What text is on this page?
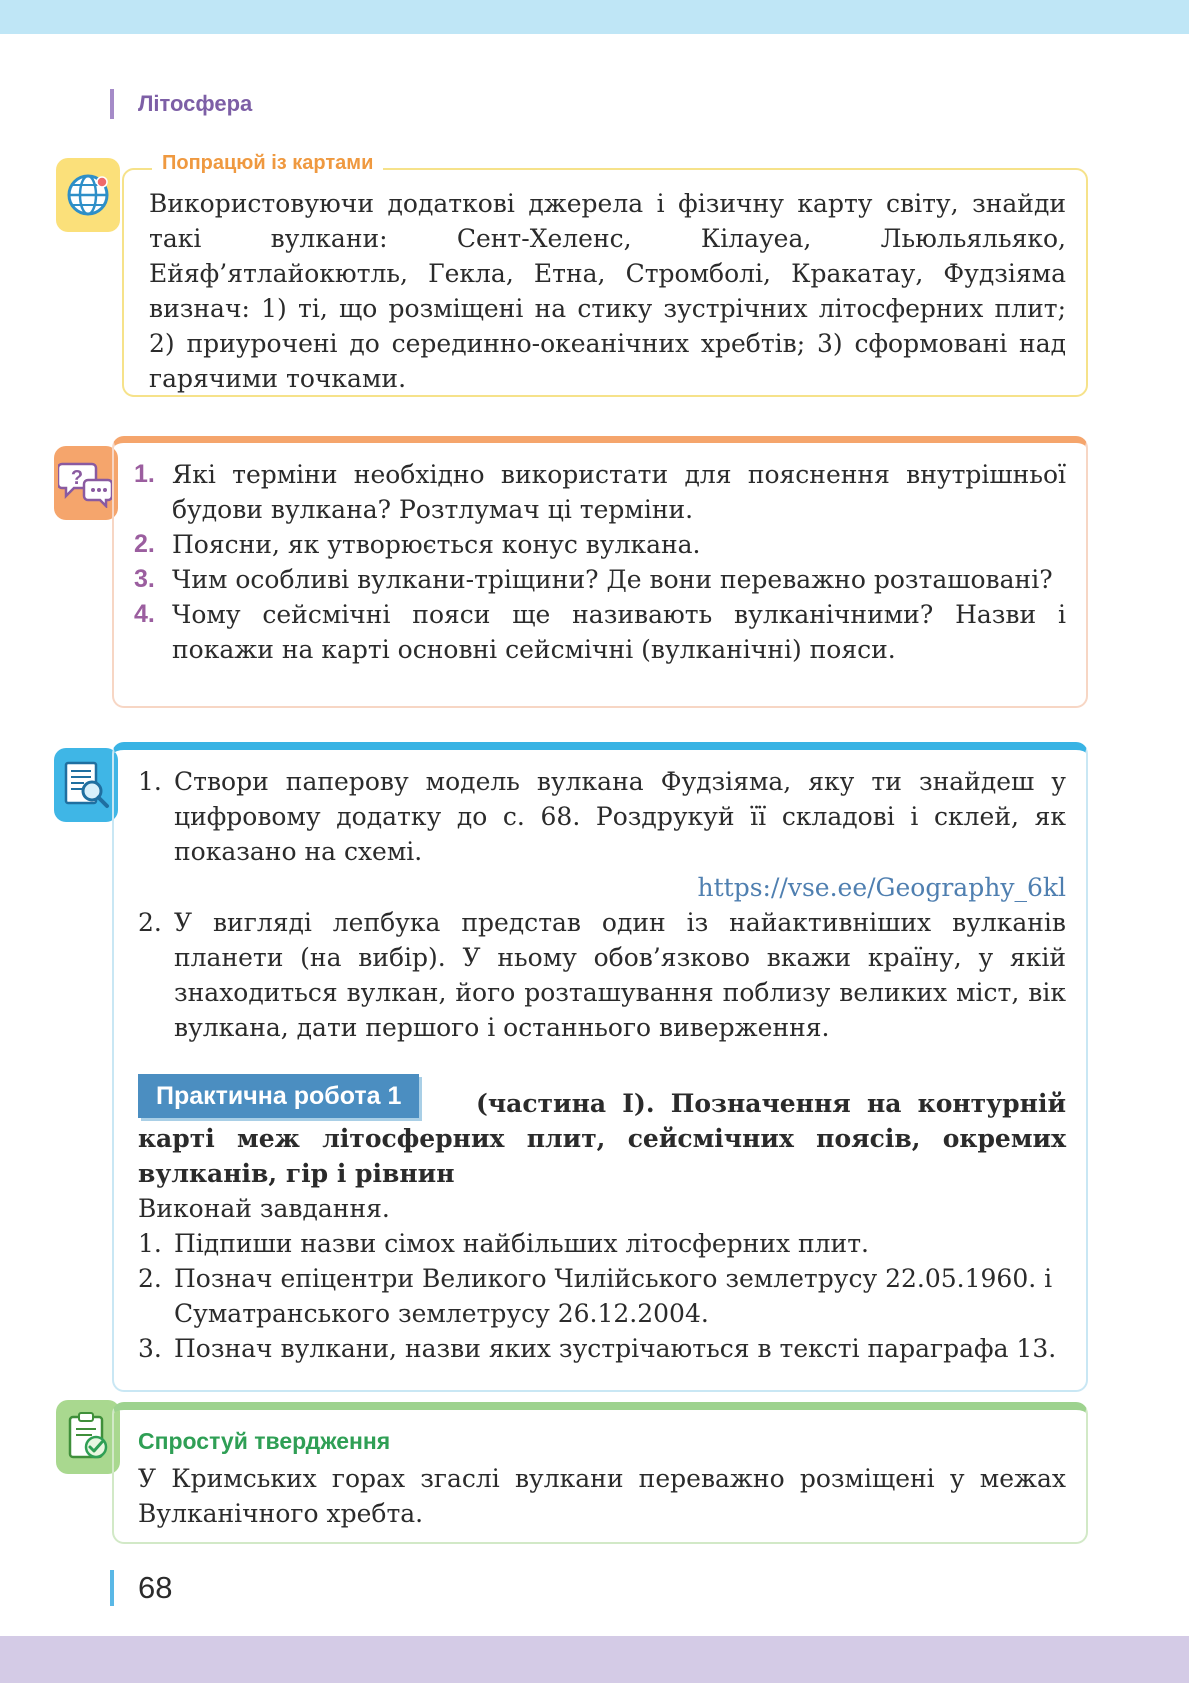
Літосфера
Попрацюй із картами
Використовуючи додаткові джерела і фізичну карту світу, знайди такі вулкани: Сент-Хеленс, Кілауеа, Льюльяльяко, Ейяф’ятлайокютль, Гекла, Етна, Стромболі, Кракатау, Фудзіяма визнач: 1) ті, що розміщені на стику зустрічних літосферних плит; 2) приурочені до серединно-океанічних хребтів; 3) сформовані над гарячими точками.
? 1. Які терміни необхідно використати для пояснення внутрішньої будови вулкана? Розтлумач ці терміни.
2. Поясни, як утворюється конус вулкана.
3. Чим особливі вулкани-тріщини? Де вони переважно розташовані?
4. Чому сейсмічні пояси ще називають вулканічними? Назви і покажи на карті основні сейсмічні (вулканічні) пояси.
1. Створи паперову модель вулкана Фудзіяма, яку ти знайдеш у цифровому додатку до с. 68. Роздрукуй її складові і склей, як показано на схемі.
https://vse.ee/Geography_6kl
2. У вигляді лепбука представ один із найактивніших вулканів планети (на вибір). У ньому обов’язково вкажи країну, у якій знаходиться вулкан, його розташування поблизу великих міст, вік вулкана, дати першого і останнього виверження.
(частина І). Позначення на контурній карті меж літосферних плит, сейсмічних поясів, окремих вулканів, гір і рівнин
Практична робота 1
Виконай завдання.
1. Підпиши назви сімох найбільших літосферних плит.
2. Познач епіцентри Великого Чилійського землетрусу 22.05.1960. і Суматранського землетрусу 26.12.2004.
3. Познач вулкани, назви яких зустрічаються в тексті параграфа 13.
Спростуй твердження
У Кримських горах згаслі вулкани переважно розміщені у межах Вулканічного хребта.
68
